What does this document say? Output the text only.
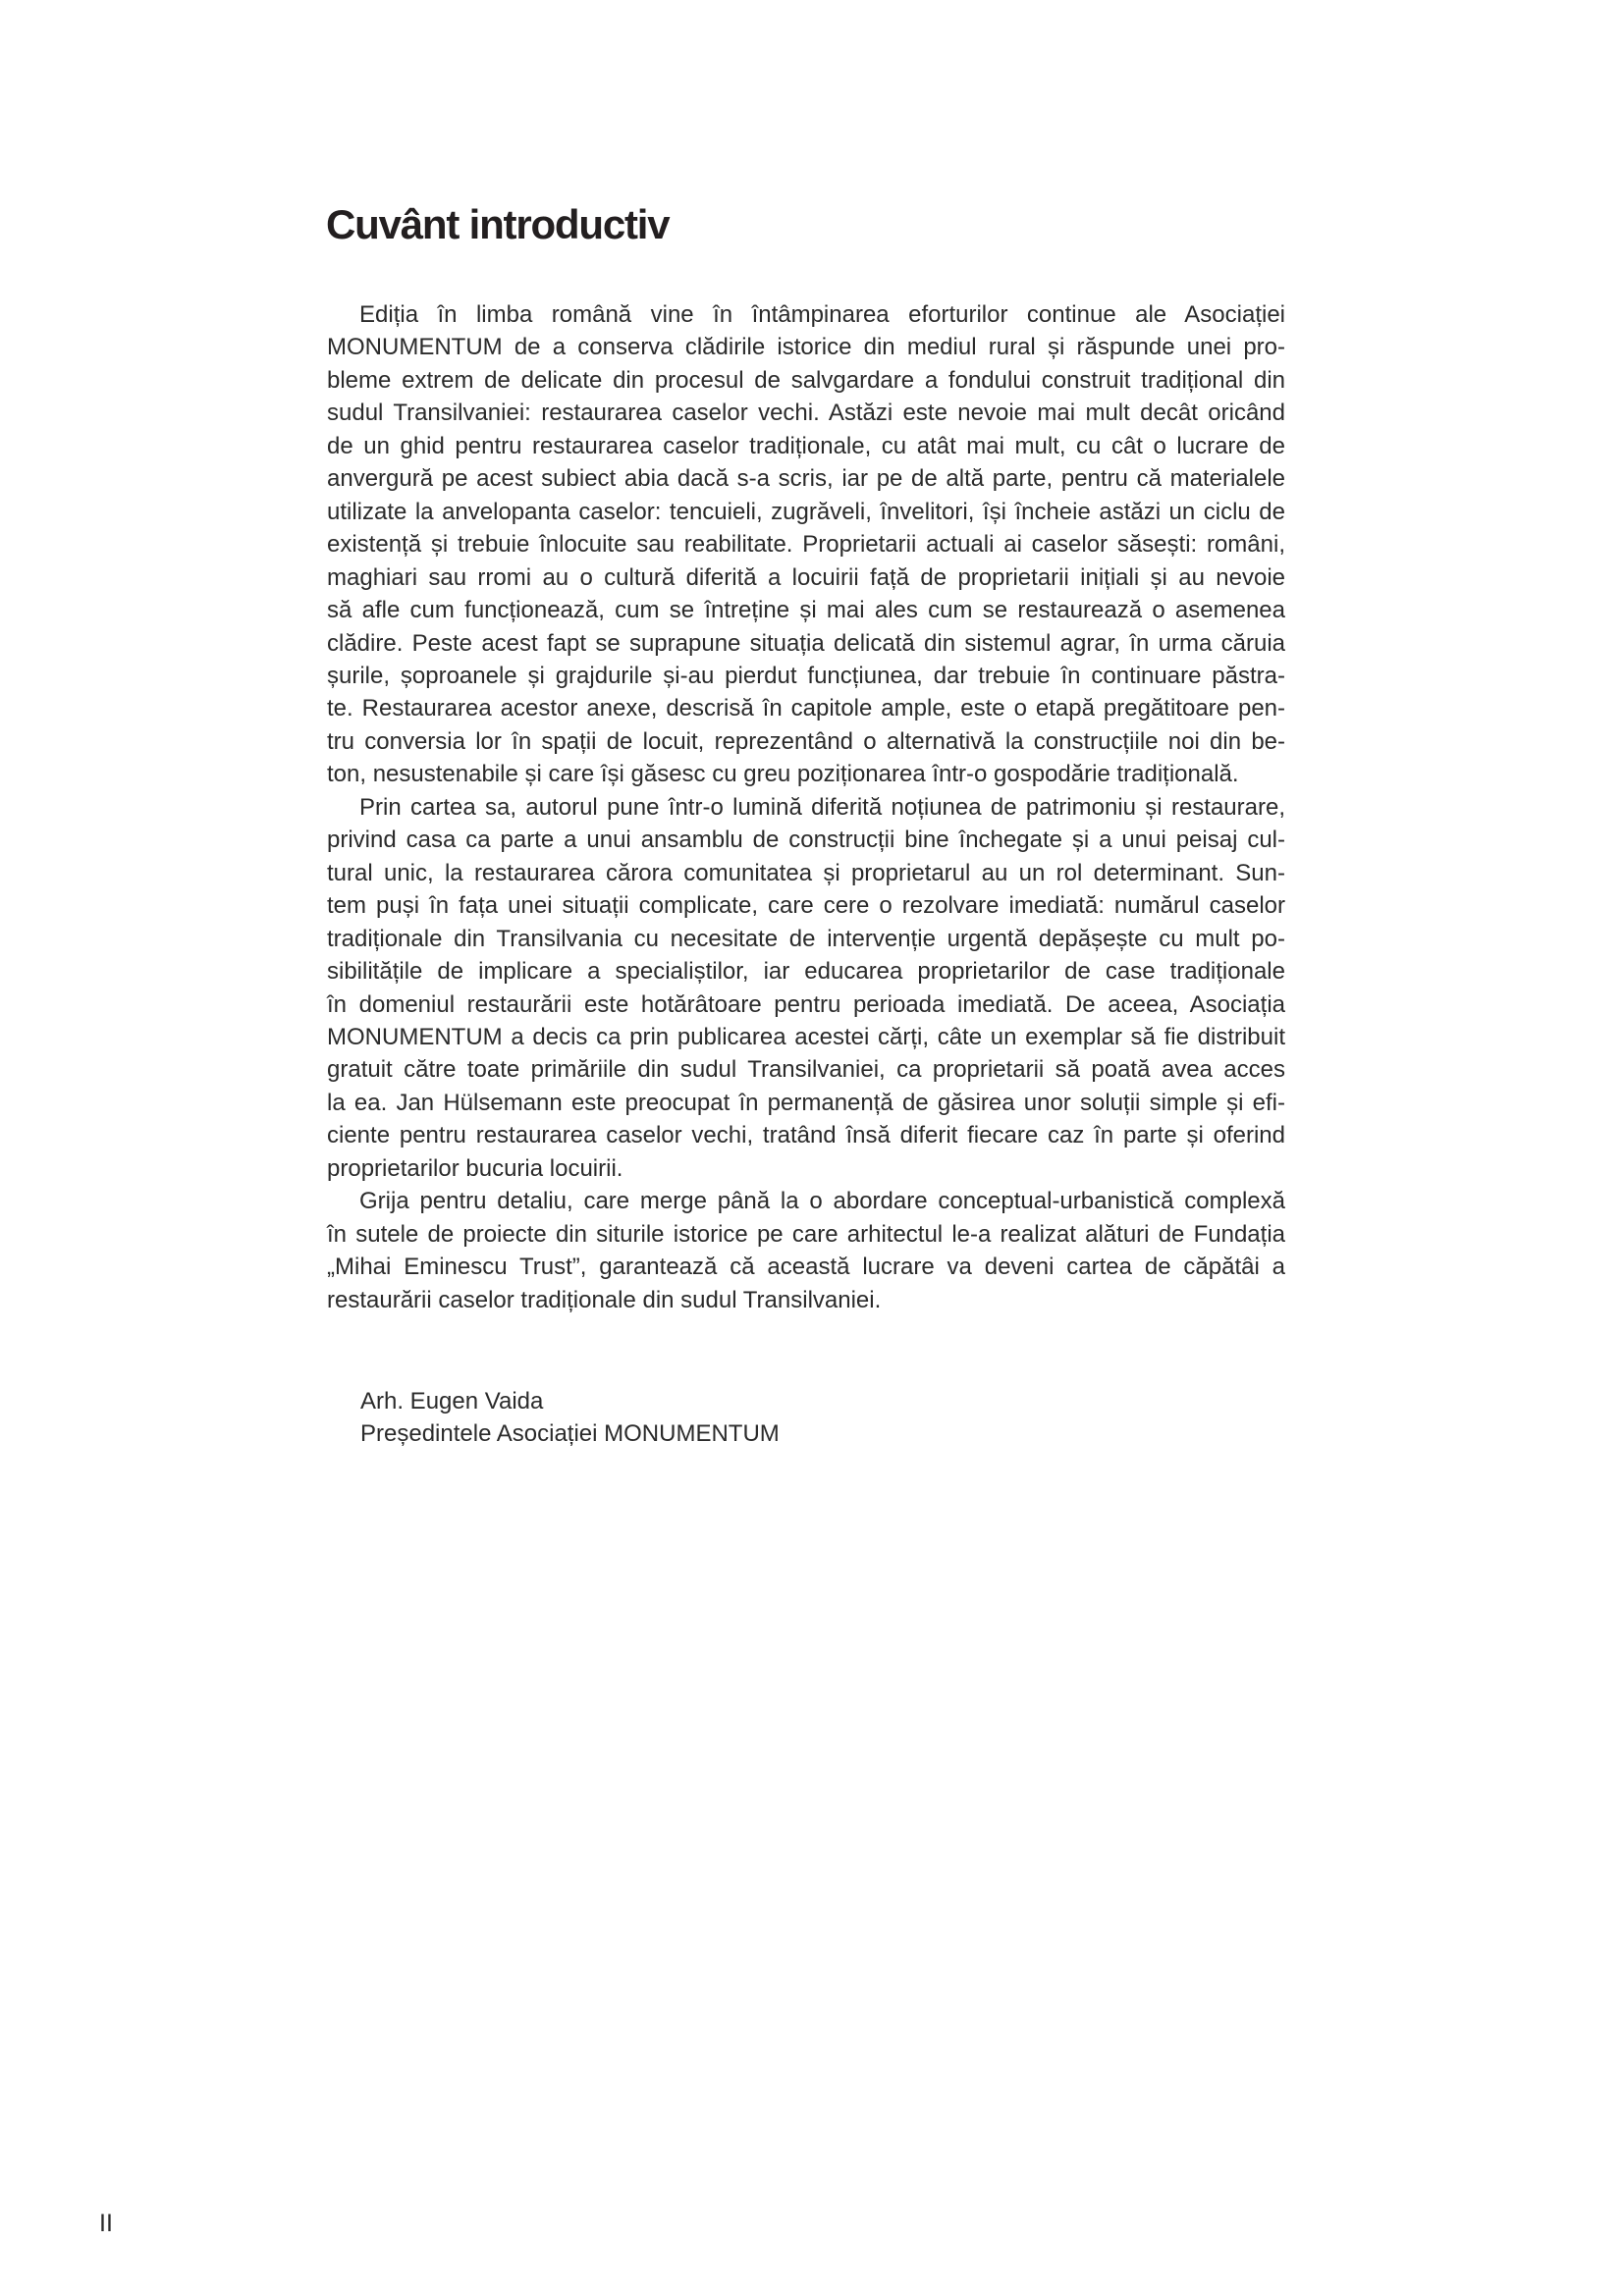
Cuvânt introductiv
Ediția în limba română vine în întâmpinarea eforturilor continue ale Asociației
MONUMENTUM de a conserva clădirile istorice din mediul rural și răspunde unei pro-
bleme extrem de delicate din procesul de salvgardare a fondului construit tradițional din
sudul Transilvaniei: restaurarea caselor vechi. Astăzi este nevoie mai mult decât oricând
de un ghid pentru restaurarea caselor tradiționale, cu atât mai mult, cu cât o lucrare de
anvergură pe acest subiect abia dacă s-a scris, iar pe de altă parte, pentru că materialele
utilizate la anvelopanta caselor: tencuieli, zugrăveli, învelitori, își încheie astăzi un ciclu de
existență și trebuie înlocuite sau reabilitate. Proprietarii actuali ai caselor săsești: români,
maghiari sau rromi au o cultură diferită a locuirii față de proprietarii inițiali și au nevoie
să afle cum funcționează, cum se întreține și mai ales cum se restaurează o asemenea
clădire. Peste acest fapt se suprapune situația delicată din sistemul agrar, în urma căruia
șurile, șoproanele și grajdurile și-au pierdut funcțiunea, dar trebuie în continuare păstra-
te. Restaurarea acestor anexe, descrisă în capitole ample, este o etapă pregătitoare pen-
tru conversia lor în spații de locuit, reprezentând o alternativă la construcțiile noi din be-
ton, nesustenabile și care își găsesc cu greu poziționarea într-o gospodărie tradițională.
Prin cartea sa, autorul pune într-o lumină diferită noțiunea de patrimoniu și restaurare,
privind casa ca parte a unui ansamblu de construcții bine închegate și a unui peisaj cul-
tural unic, la restaurarea cărora comunitatea și proprietarul au un rol determinant. Sun-
tem puși în fața unei situații complicate, care cere o rezolvare imediată: numărul caselor
tradiționale din Transilvania cu necesitate de intervenție urgentă depășește cu mult po-
sibilitățile de implicare a specialiștilor, iar educarea proprietarilor de case tradiționale
în domeniul restaurării este hotărâtoare pentru perioada imediată. De aceea, Asociația
MONUMENTUM a decis ca prin publicarea acestei cărți, câte un exemplar să fie distribuit
gratuit către toate primăriile din sudul Transilvaniei, ca proprietarii să poată avea acces
la ea. Jan Hülsemann este preocupat în permanență de găsirea unor soluții simple și efi-
ciente pentru restaurarea caselor vechi, tratând însă diferit fiecare caz în parte și oferind
proprietarilor bucuria locuirii.
Grija pentru detaliu, care merge până la o abordare conceptual-urbanistică complexă
în sutele de proiecte din siturile istorice pe care arhitectul le-a realizat alături de Fundația
„Mihai Eminescu Trust”, garantează că această lucrare va deveni cartea de căpătâi a
restaurării caselor tradiționale din sudul Transilvaniei.
Arh. Eugen Vaida
Președintele Asociației MONUMENTUM
II
